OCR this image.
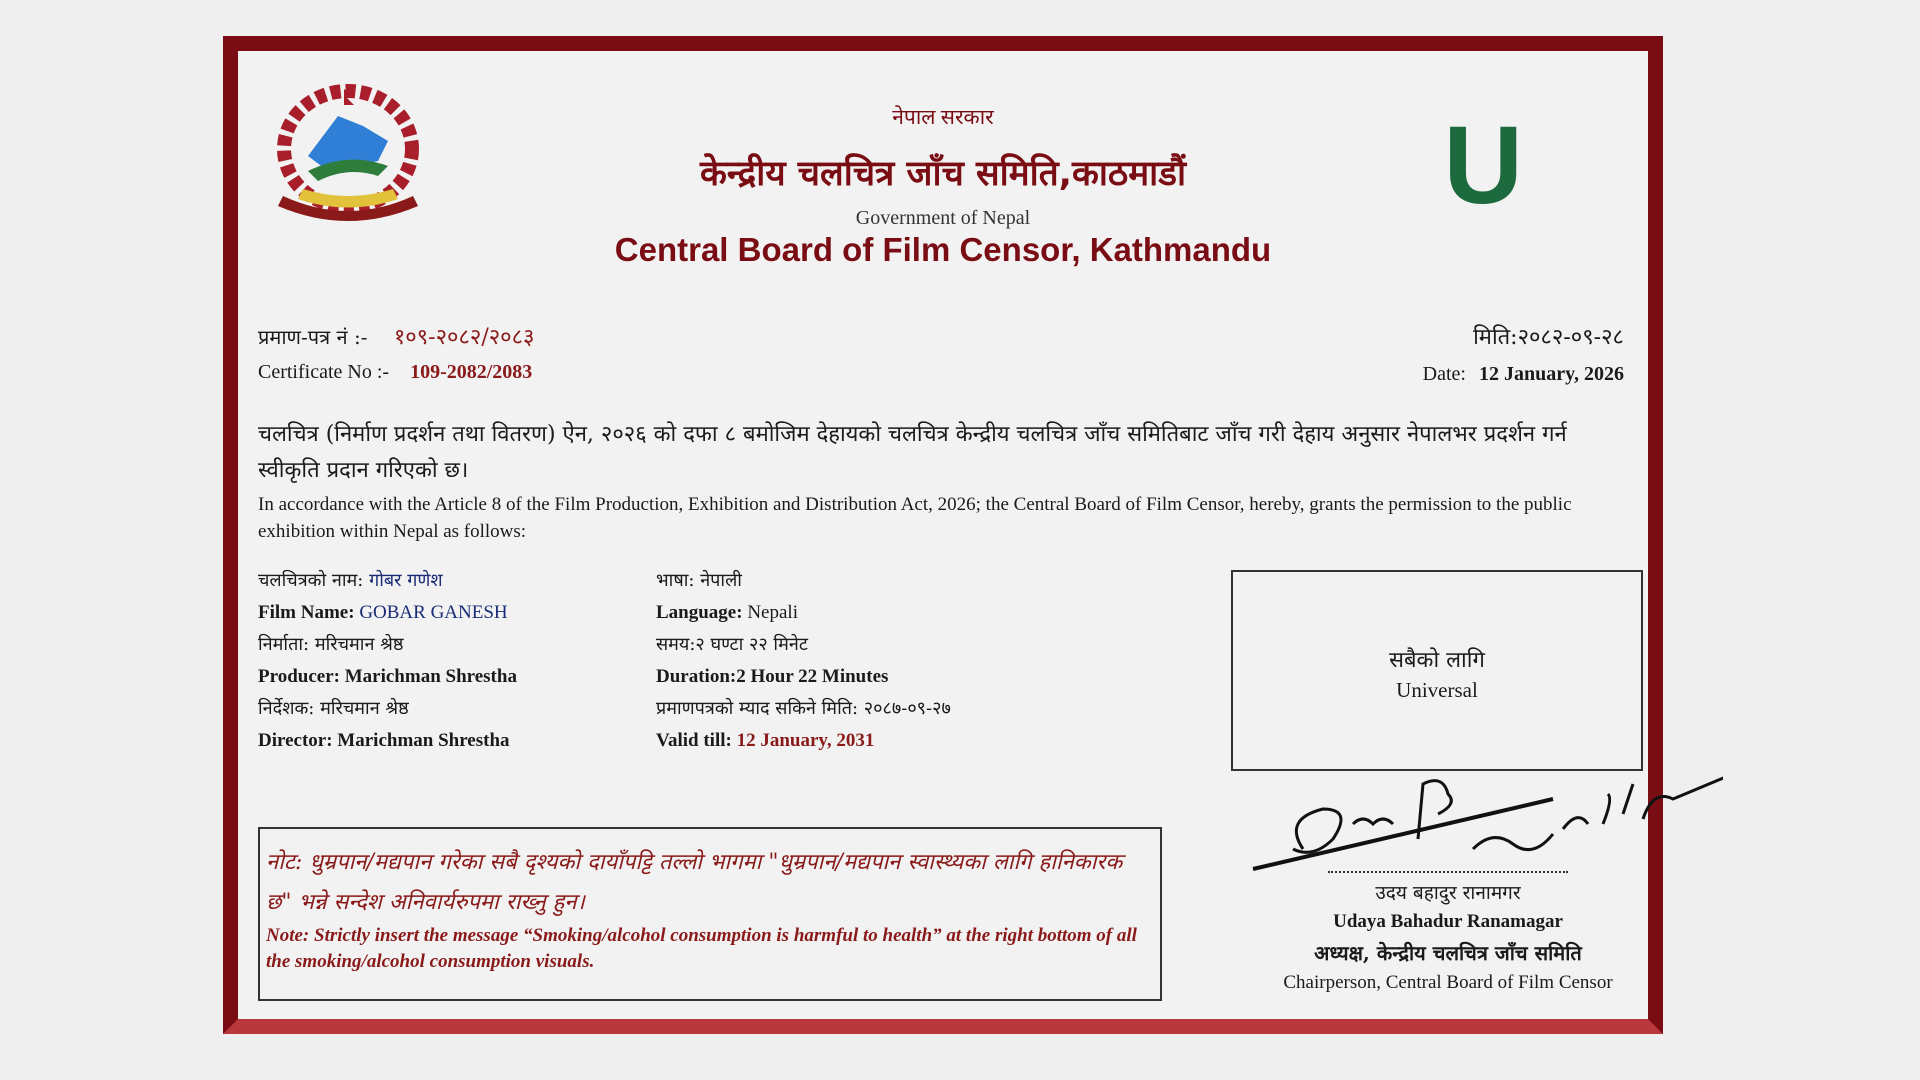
नेपाल सरकार
केन्द्रीय चलचित्र जाँच समिति,काठमाडौं
Government of Nepal
Central Board of Film Censor, Kathmandu
U
प्रमाण-पत्र नं :- १०९-२०८२/२०८३
Certificate No :- 109-2082/2083
मिति:२०८२-०९-२८
Date: 12 January, 2026
चलचित्र (निर्माण प्रदर्शन तथा वितरण) ऐन, २०२६ को दफा ८ बमोजिम देहायको चलचित्र केन्द्रीय चलचित्र जाँच समितिबाट जाँच गरी देहाय अनुसार नेपालभर प्रदर्शन गर्न स्वीकृति प्रदान गरिएको छ।
In accordance with the Article 8 of the Film Production, Exhibition and Distribution Act, 2026; the Central Board of Film Censor, hereby, grants the permission to the public exhibition within Nepal as follows:
चलचित्रको नाम: गोबर गणेश
Film Name: GOBAR GANESH
निर्माता: मरिचमान श्रेष्ठ
Producer: Marichman Shrestha
निर्देशक: मरिचमान श्रेष्ठ
Director: Marichman Shrestha
भाषा: नेपाली
Language: Nepali
समय:२ घण्टा २२ मिनेट
Duration:2 Hour 22 Minutes
प्रमाणपत्रको म्याद सकिने मिति: २०८७-०९-२७
Valid till: 12 January, 2031
सबैको लागि
Universal
नोट: धुम्रपान/मद्यपान गरेका सबै दृश्यको दायाँपट्टि तल्लो भागमा "धुम्रपान/मद्यपान स्वास्थ्यका लागि हानिकारक छ" भन्ने सन्देश अनिवार्यरुपमा राख्नु हुन।
Note: Strictly insert the message “Smoking/alcohol consumption is harmful to health” at the right bottom of all the smoking/alcohol consumption visuals.
उदय बहादुर रानामगर
Udaya Bahadur Ranamagar
अध्यक्ष, केन्द्रीय चलचित्र जाँच समिति
Chairperson, Central Board of Film Censor
